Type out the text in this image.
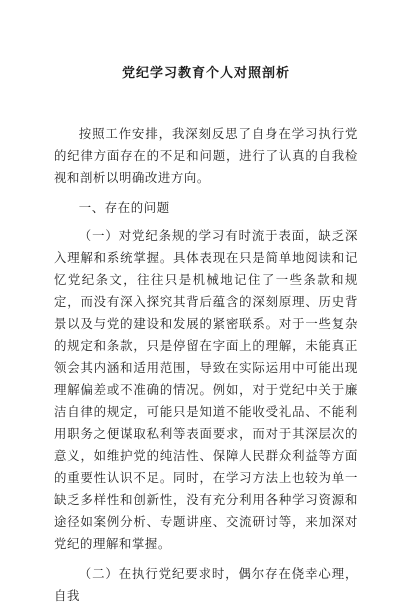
党纪学习教育个人对照剖析

按照工作安排，我深刻反思了自身在学习执行党的纪律方面存在的不足和问题，进行了认真的自我检视和剖析以明确改进方向。

一、存在的问题

（一）对党纪条规的学习有时流于表面，缺乏深入理解和系统掌握。具体表现在只是简单地阅读和记忆党纪条文，往往只是机械地记住了一些条款和规定，而没有深入探究其背后蕴含的深刻原理、历史背景以及与党的建设和发展的紧密联系。对于一些复杂的规定和条款，只是停留在字面上的理解，未能真正领会其内涵和适用范围，导致在实际运用中可能出现理解偏差或不准确的情况。例如，对于党纪中关于廉洁自律的规定，可能只是知道不能收受礼品、不能利用职务之便谋取私利等表面要求，而对于其深层次的意义，如维护党的纯洁性、保障人民群众利益等方面的重要性认识不足。同时，在学习方法上也较为单一缺乏多样性和创新性，没有充分利用各种学习资源和途径如案例分析、专题讲座、交流研讨等，来加深对党纪的理解和掌握。

（二）在执行党纪要求时，偶尔存在侥幸心理，自我
